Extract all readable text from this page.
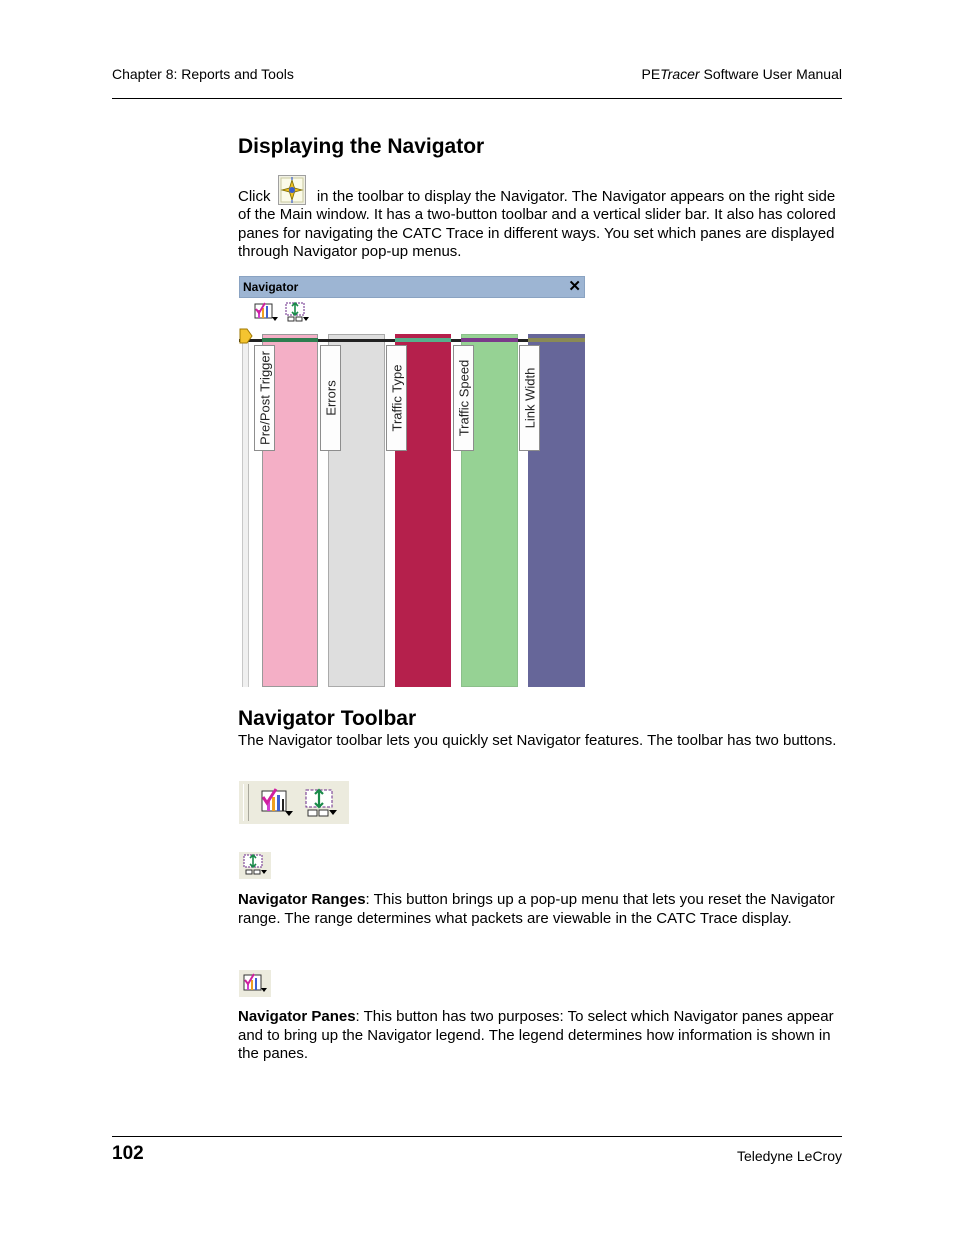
Chapter 8: Reports and Tools	PETracer Software User Manual
Displaying the Navigator
Click	in the toolbar to display the Navigator. The Navigator appears on the right side
of the Main window. It has a two-button toolbar and a vertical slider bar. It also has colored panes for navigating the CATC Trace in different ways. You set which panes are displayed through Navigator pop-up menus.
Navigator	✕
Pre/Post Trigger	Errors	Traffic Type	Traffic Speed	Link Width
Navigator Toolbar
The Navigator toolbar lets you quickly set Navigator features. The toolbar has two buttons.
Navigator Ranges: This button brings up a pop-up menu that lets you reset the Navigator range. The range determines what packets are viewable in the CATC Trace display.
Navigator Panes: This button has two purposes: To select which Navigator panes appear and to bring up the Navigator legend. The legend determines how information is shown in the panes.
102	Teledyne LeCroy
